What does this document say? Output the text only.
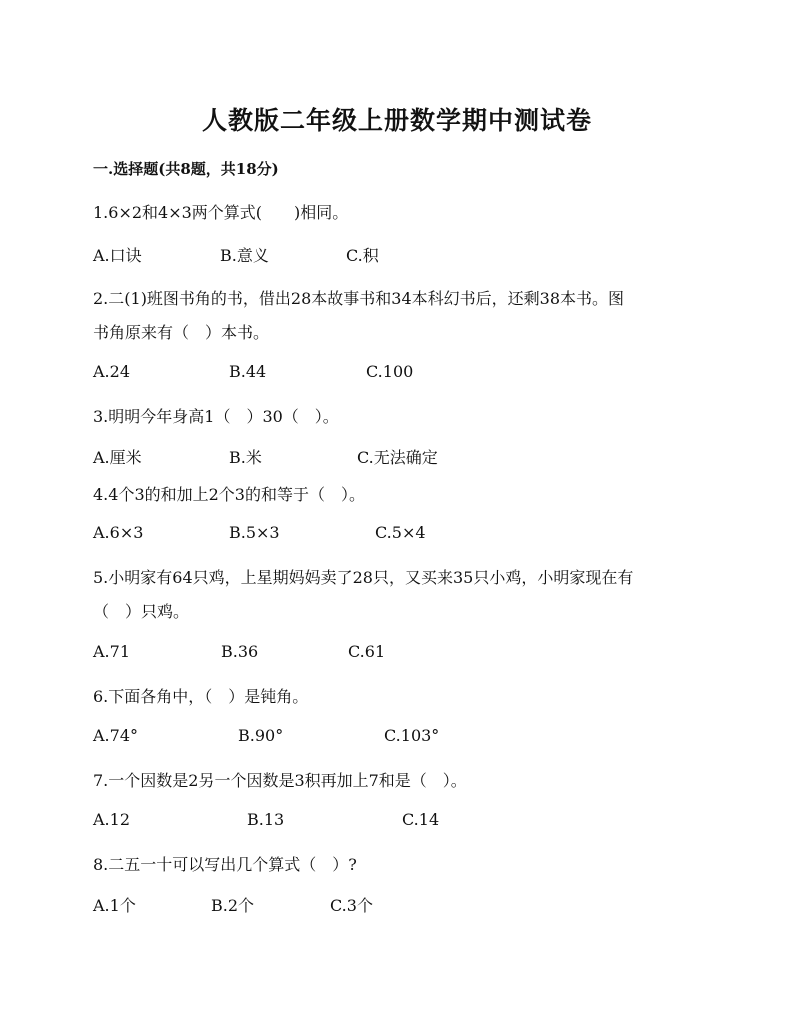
人教版二年级上册数学期中测试卷
一.选择题(共8题，共18分)
1.6×2和4×3两个算式(　　)相同。
A.口诀	B.意义	C.积
2.二(1)班图书角的书，借出28本故事书和34本科幻书后，还剩38本书。图
书角原来有（　）本书。
A.24	B.44	C.100
3.明明今年身高1（　）30（　）。
A.厘米	B.米	C.无法确定
4.4个3的和加上2个3的和等于（　）。
A.6×3	B.5×3	C.5×4
5.小明家有64只鸡，上星期妈妈卖了28只，又买来35只小鸡，小明家现在有
（　）只鸡。
A.71	B.36	C.61
6.下面各角中，（　）是钝角。
A.74°	B.90°	C.103°
7.一个因数是2另一个因数是3积再加上7和是（　）。
A.12	B.13	C.14
8.二五一十可以写出几个算式（　）?
A.1个	B.2个	C.3个
